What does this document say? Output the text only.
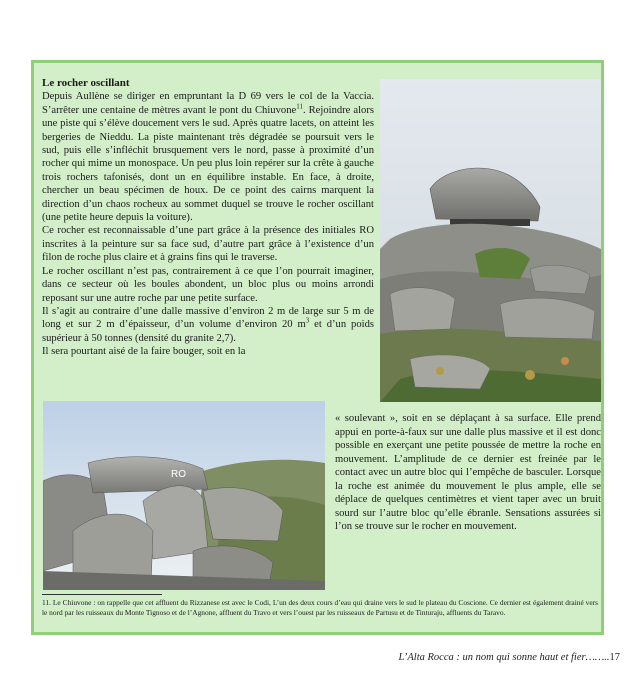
Le rocher oscillant

Depuis Aullène se diriger en empruntant la D 69 vers le col de la Vaccia. S’arrêter une centaine de mètres avant le pont du Chiuvone$^{11}$. Rejoindre alors une piste qui s’élève doucement vers le sud. Après quatre lacets, on atteint les bergeries de Nieddu. La piste maintenant très dégradée se poursuit vers le sud, puis elle s’infléchit brusquement vers le nord, passe à proximité d’un rocher qui mime un monospace. Un peu plus loin repérer sur la crête à gauche trois rochers tafonisés, dont un en équilibre instable. En face, à droite, chercher un beau spécimen de houx. De ce point des cairns marquent la direction d’un chaos rocheux au sommet duquel se trouve le rocher oscillant (une petite heure depuis la voiture).

Ce rocher est reconnaissable d’une part grâce à la présence des initiales RO inscrites à la peinture sur sa face sud, d’autre part grâce à l’existence d’un filon de roche plus claire et à grains fins qui le traverse.

Le rocher oscillant n’est pas, contrairement à ce que l’on pourrait imaginer, dans ce secteur où les boules abondent, un bloc plus ou moins arrondi reposant sur une autre roche par une petite surface.

Il s’agit au contraire d’une dalle massive d’environ 2 m de large sur 5 m de long et sur 2 m d’épaisseur, d’un volume d’environ 20 $m^3$ et d’un poids supérieur à 50 tonnes (densité du granite 2,7).

Il sera pourtant aisé de la faire bouger, soit en la

RO

« soulevant », soit en se déplaçant à sa surface. Elle prend appui en porte-à-faux sur une dalle plus massive et il est donc possible en exerçant une petite poussée de mettre la roche en mouvement. L’amplitude de ce dernier est freinée par le contact avec un autre bloc qui l’empêche de basculer. Lorsque la roche est animée du mouvement le plus ample, elle se déplace de quelques centimètres et vient taper avec un bruit sourd sur l’autre bloc qu’elle ébranle. Sensations assurées si l’on se trouve sur le rocher en mouvement.

11. Le Chiuvone : on rappelle que cet affluent du Rizzanese est avec le Codi, L’un des deux cours d’eau qui draine vers le sud le plateau du Coscione. Ce dernier est également drainé vers le nord par les ruisseaux du Monte Tignoso et de l’Agnone, affluent du Travo et vers l’ouest par les ruisseaux de Partusu et de Tinturaju, affluents du Taravo.
L’Alta Rocca : un nom qui sonne haut et fier……..17
